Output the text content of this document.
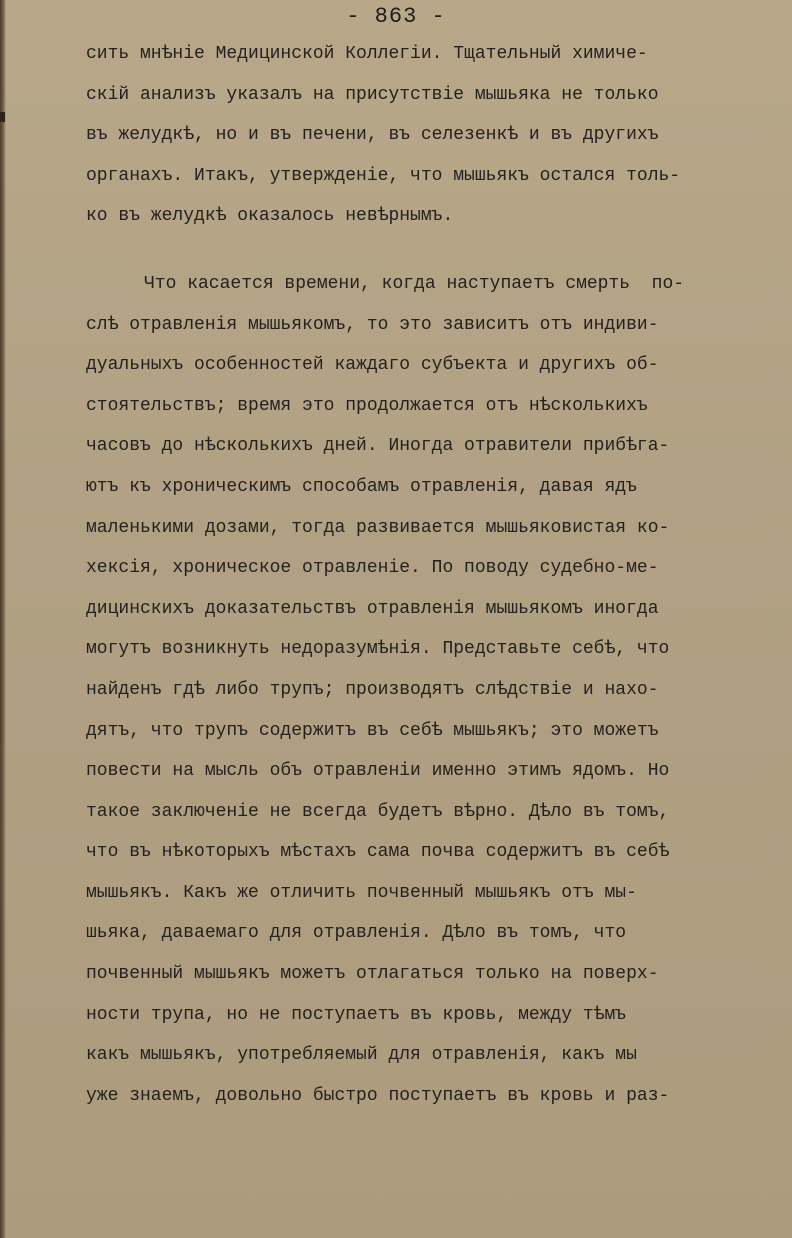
- 863 -
сить мнѣнiе Медицинской Коллегiи. Тщательный химиче-
скiй анализъ указалъ на присутствiе мышьяка не только
въ желудкѣ, но и въ печени, въ селезенкѣ и въ другихъ
органахъ. Итакъ, утвержденiе, что мышьякъ остался толь-
ко въ желудкѣ оказалось невѣрнымъ.
Что касается времени, когда наступаетъ смерть  по-
слѣ отравленiя мышьякомъ, то это зависитъ отъ индиви-
дуальныхъ особенностей каждаго субъекта и другихъ об-
стоятельствъ; время это продолжается отъ нѣсколькихъ
часовъ до нѣсколькихъ дней. Иногда отравители прибѣга-
ютъ къ хроническимъ способамъ отравленiя, давая ядъ
маленькими дозами, тогда развивается мышьяковистая ко-
хексiя, хроническое отравленiе. По поводу судебно-ме-
дицинскихъ доказательствъ отравленiя мышьякомъ иногда
могутъ возникнуть недоразумѣнiя. Представьте себѣ, что
найденъ гдѣ либо трупъ; производятъ слѣдствiе и нахо-
дятъ, что трупъ содержитъ въ себѣ мышьякъ; это можетъ
повести на мысль объ отравленiи именно этимъ ядомъ. Но
такое заключенiе не всегда будетъ вѣрно. Дѣло въ томъ,
что въ нѣкоторыхъ мѣстахъ сама почва содержитъ въ себѣ
мышьякъ. Какъ же отличить почвенный мышьякъ отъ мы-
шьяка, даваемаго для отравленiя. Дѣло въ томъ, что
почвенный мышьякъ можетъ отлагаться только на поверх-
ности трупа, но не поступаетъ въ кровь, между тѣмъ
какъ мышьякъ, употребляемый для отравленiя, какъ мы
уже знаемъ, довольно быстро поступаетъ въ кровь и раз-
